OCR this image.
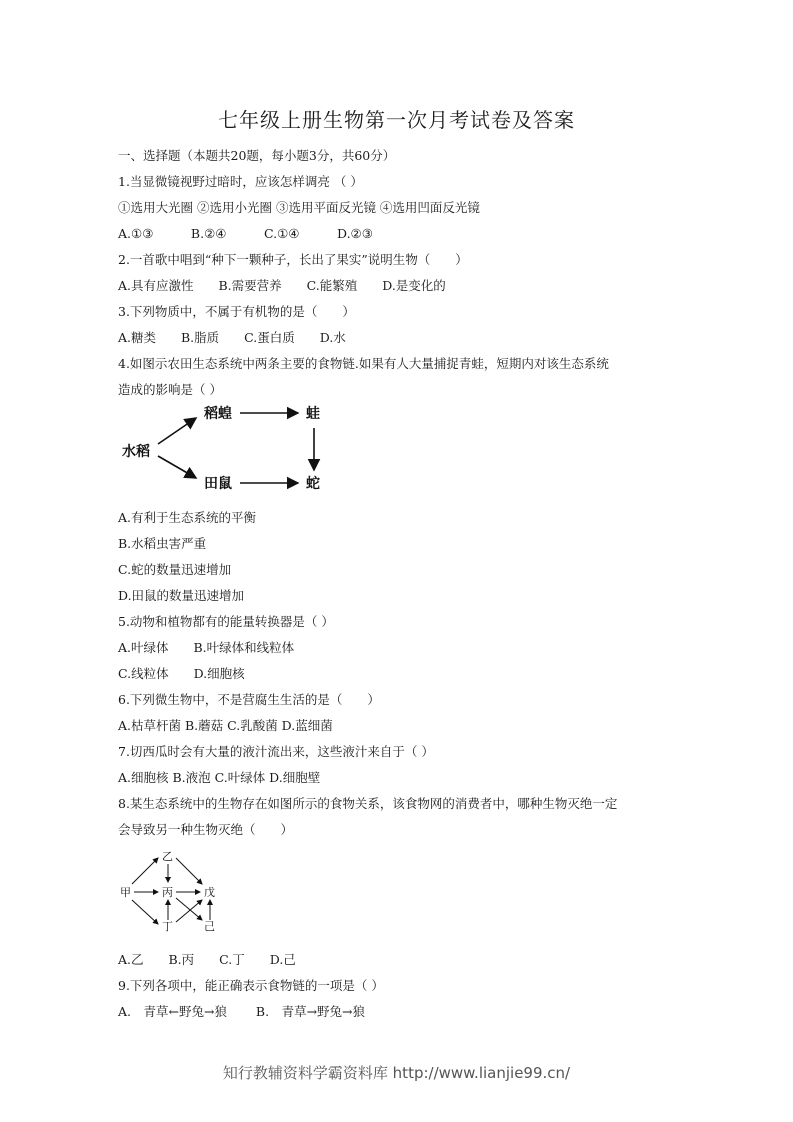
七年级上册生物第一次月考试卷及答案
一、选择题（本题共20题，每小题3分，共60分）
1.当显微镜视野过暗时，应该怎样调亮 （ ）
①选用大光圈 ②选用小光圈 ③选用平面反光镜 ④选用凹面反光镜
A.①③　　　B.②④　　　C.①④　　　D.②③
2.一首歌中唱到“种下一颗种子，长出了果实”说明生物（　　）
A.具有应激性　　B.需要营养　　C.能繁殖　　D.是变化的
3.下列物质中，不属于有机物的是（　　）
A.糖类　　B.脂质　　C.蛋白质　　D.水
4.如图示农田生态系统中两条主要的食物链.如果有人大量捕捉青蛙，短期内对该生态系统
造成的影响是（ ）
水稻
稻蝗	蛙
田鼠	蛇
A.有利于生态系统的平衡
B.水稻虫害严重
C.蛇的数量迅速增加
D.田鼠的数量迅速增加
5.动物和植物都有的能量转换器是（ ）
A.叶绿体　　B.叶绿体和线粒体
C.线粒体　　D.细胞核
6.下列微生物中，不是营腐生生活的是（　　）
A.枯草杆菌 B.蘑菇 C.乳酸菌 D.蓝细菌
7.切西瓜时会有大量的液汁流出来，这些液汁来自于（ ）
A.细胞核 B.液泡 C.叶绿体 D.细胞壁
8.某生态系统中的生物存在如图所示的食物关系，该食物网的消费者中，哪种生物灭绝一定
会导致另一种生物灭绝（　　）
甲
乙
丙
丁
戊
己
A.乙　　B.丙　　C.丁　　D.己
9.下列各项中，能正确表示食物链的一项是（ ）
A.　青草←野兔→狼　　 B.　青草→野兔→狼
知行教辅资料学霸资料库 http://www.lianjie99.cn/
